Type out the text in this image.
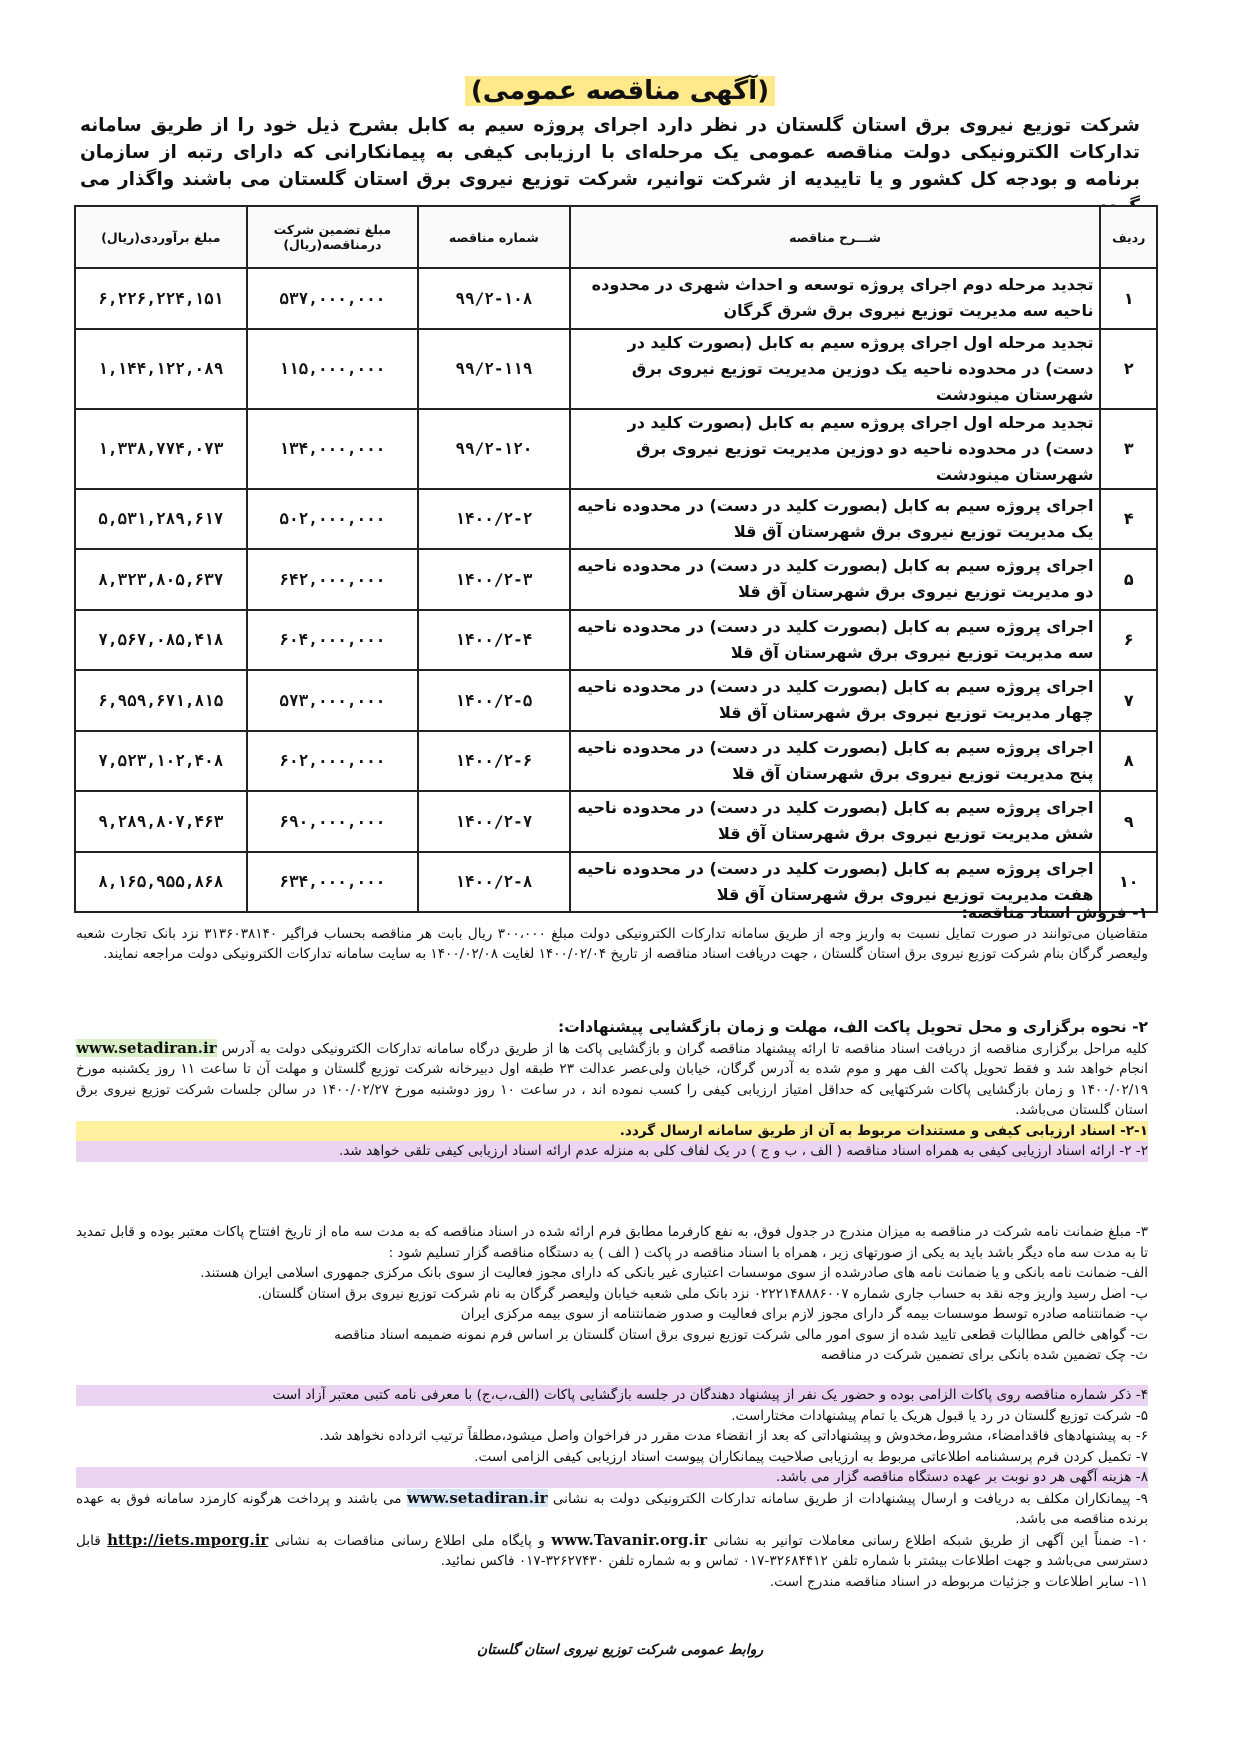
(آگهی مناقصه عمومی)
شرکت توزیع نیروی برق استان گلستان در نظر دارد اجرای پروژه سیم به کابل بشرح ذیل خود را از طریق سامانه تدارکات الکترونیکی دولت مناقصه عمومی یک مرحله‌ای با ارزیابی کیفی به پیمانکارانی که دارای رتبه از سازمان برنامه و بودجه کل کشور و یا تاییدیه از شرکت توانیر، شرکت توزیع نیروی برق استان گلستان می باشند واگذار می
ردیف	شـــرح مناقصه	شماره مناقصه	مبلغ تضمین شرکت درمناقصه(ریال)	مبلغ برآوردی(ریال)
۱	تجدید مرحله دوم اجرای پروژه توسعه و احداث شهری در محدوده ناحیه سه مدیریت توزیع نیروی برق شرق گرگان	۹۹/۲-۱۰۸	۵۳۷,۰۰۰,۰۰۰	۶,۲۲۶,۲۲۴,۱۵۱
۲	تجدید مرحله اول اجرای پروژه سیم به کابل (بصورت کلید در دست) در محدوده ناحیه یک دوزین مدیریت توزیع نیروی برق شهرستان مینودشت	۹۹/۲-۱۱۹	۱۱۵,۰۰۰,۰۰۰	۱,۱۴۴,۱۲۲,۰۸۹
۳	تجدید مرحله اول اجرای پروژه سیم به کابل (بصورت کلید در دست) در محدوده ناحیه دو دوزین مدیریت توزیع نیروی برق شهرستان مینودشت	۹۹/۲-۱۲۰	۱۳۴,۰۰۰,۰۰۰	۱,۳۳۸,۷۷۴,۰۷۳
۴	اجرای پروژه سیم به کابل (بصورت کلید در دست) در محدوده ناحیه یک مدیریت توزیع نیروی برق شهرستان آق قلا	۱۴۰۰/۲-۲	۵۰۲,۰۰۰,۰۰۰	۵,۵۳۱,۲۸۹,۶۱۷
۵	اجرای پروژه سیم به کابل (بصورت کلید در دست) در محدوده ناحیه دو مدیریت توزیع نیروی برق شهرستان آق قلا	۱۴۰۰/۲-۳	۶۴۲,۰۰۰,۰۰۰	۸,۳۲۳,۸۰۵,۶۳۷
۶	اجرای پروژه سیم به کابل (بصورت کلید در دست) در محدوده ناحیه سه مدیریت توزیع نیروی برق شهرستان آق قلا	۱۴۰۰/۲-۴	۶۰۴,۰۰۰,۰۰۰	۷,۵۶۷,۰۸۵,۴۱۸
۷	اجرای پروژه سیم به کابل (بصورت کلید در دست) در محدوده ناحیه چهار مدیریت توزیع نیروی برق شهرستان آق قلا	۱۴۰۰/۲-۵	۵۷۳,۰۰۰,۰۰۰	۶,۹۵۹,۶۷۱,۸۱۵
۸	اجرای پروژه سیم به کابل (بصورت کلید در دست) در محدوده ناحیه پنج مدیریت توزیع نیروی برق شهرستان آق قلا	۱۴۰۰/۲-۶	۶۰۲,۰۰۰,۰۰۰	۷,۵۲۳,۱۰۲,۴۰۸
۹	اجرای پروژه سیم به کابل (بصورت کلید در دست) در محدوده ناحیه شش مدیریت توزیع نیروی برق شهرستان آق قلا	۱۴۰۰/۲-۷	۶۹۰,۰۰۰,۰۰۰	۹,۲۸۹,۸۰۷,۴۶۳
۱۰	اجرای پروژه سیم به کابل (بصورت کلید در دست) در محدوده ناحیه هفت مدیریت توزیع نیروی برق شهرستان آق قلا	۱۴۰۰/۲-۸	۶۳۴,۰۰۰,۰۰۰	۸,۱۶۵,۹۵۵,۸۶۸

۱- فروش اسناد مناقصه:

متقاضیان می‌توانند در صورت تمایل نسبت به واریز وجه از طریق سامانه تدارکات الکترونیکی دولت مبلغ ۳۰۰،۰۰۰ ریال بابت هر مناقصه بحساب فراگیر ۳۱۳۶۰۳۸۱۴۰ نزد بانک تجارت شعبه ولیعصر گرگان بنام شرکت توزیع نیروی برق استان گلستان ، جهت دریافت اسناد مناقصه از تاریخ ۱۴۰۰/۰۲/۰۴ لغایت ۱۴۰۰/۰۲/۰۸ به سایت سامانه تدارکات الکترونیکی دولت مراجعه نمایند.

۲- نحوه برگزاری و محل تحویل پاکت الف، مهلت و زمان بازگشایی پیشنهادات:

کلیه مراحل برگزاری مناقصه از دریافت اسناد مناقصه تا ارائه پیشنهاد مناقصه گران و بازگشایی پاکت ها از طریق درگاه سامانه تدارکات الکترونیکی دولت به آدرس www.setadiran.ir انجام خواهد شد و فقط تحویل پاکت الف مهر و موم شده به آدرس گرگان، خیابان ولی‌عصر عدالت ۲۳ طبقه اول دبیرخانه شرکت توزیع گلستان و مهلت آن تا ساعت ۱۱ روز یکشنبه مورخ ۱۴۰۰/۰۲/۱۹ و زمان بازگشایی پاکات شرکتهایی که حداقل امتیاز ارزیابی کیفی را کسب نموده اند ، در ساعت ۱۰ روز دوشنبه مورخ ۱۴۰۰/۰۲/۲۷ در سالن جلسات شرکت توزیع نیروی برق استان گلستان می‌باشد.

۲-۱- اسناد ارزیابی کیفی و مستندات مربوط به آن از طریق سامانه ارسال گردد.

۲- ۲- ارائه اسناد ارزیابی کیفی به همراه اسناد مناقصه ( الف ، ب و ج ) در یک لفاف کلی به منزله عدم ارائه اسناد ارزیابی کیفی تلقی خواهد شد.

۳- مبلغ ضمانت نامه شرکت در مناقصه به میزان مندرج در جدول فوق، به نفع کارفرما مطابق فرم ارائه شده در اسناد مناقصه که به مدت سه ماه از تاریخ افتتاح پاکات معتبر بوده و قابل تمدید تا به مدت سه ماه دیگر باشد باید به یکی از صورتهای زیر ، همراه با اسناد مناقصه در پاکت ( الف ) به دستگاه مناقصه گزار تسلیم شود :

الف- ضمانت نامه بانکی و یا ضمانت نامه های صادرشده از سوی موسسات اعتباری غیر بانکی که دارای مجوز فعالیت از سوی بانک مرکزی جمهوری اسلامی ایران هستند.

ب- اصل رسید واریز وجه نقد به حساب جاری شماره ۰۲۲۲۱۴۸۸۸۶۰۰۷ نزد بانک ملی شعبه خیابان ولیعصر گرگان به نام شرکت توزیع نیروی برق استان گلستان.

پ- ضمانتنامه صادره توسط موسسات بیمه گر دارای مجوز لازم برای فعالیت و صدور ضمانتنامه از سوی بیمه مرکزی ایران

ت- گواهی خالص مطالبات قطعی تایید شده از سوی امور مالی شرکت توزیع نیروی برق استان گلستان بر اساس فرم نمونه ضمیمه اسناد مناقصه

ث- چک تضمین شده بانکی برای تضمین شرکت در مناقصه

۴- ذکر شماره مناقصه روی پاکات الزامی بوده و حضور یک نفر از پیشنهاد دهندگان در جلسه بازگشایی پاکات (الف،ب،ج) با معرفی نامه کتبی معتبر آزاد است

۵- شرکت توزیع گلستان در رد یا قبول هریک یا تمام پیشنهادات مختاراست.

۶- به پیشنهادهای فاقدامضاء، مشروط،مخدوش و پیشنهاداتی که بعد از انقضاء مدت مقرر در فراخوان واصل میشود،مطلقاً ترتیب اثرداده نخواهد شد.

۷- تکمیل کردن فرم پرسشنامه اطلاعاتی مربوط به ارزیابی صلاحیت پیمانکاران پیوست اسناد ارزیابی کیفی الزامی است.

۸- هزینه آگهی هر دو نوبت بر عهده دستگاه مناقصه گزار می باشد.

۹- پیمانکاران مکلف به دریافت و ارسال پیشنهادات از طریق سامانه تدارکات الکترونیکی دولت به نشانی www.setadiran.ir می باشند و پرداخت هرگونه کارمزد سامانه فوق به عهده برنده مناقصه می باشد.

۱۰- ضمناً این آگهی از طریق شبکه اطلاع رسانی معاملات توانیر به نشانی www.Tavanir.org.ir و پایگاه ملی اطلاع رسانی مناقصات به نشانی http://iets.mporg.ir قابل دسترسی می‌باشد و جهت اطلاعات بیشتر با شماره تلفن ۳۲۶۸۴۴۱۲-۰۱۷ تماس و به شماره تلفن ۳۲۶۲۷۴۳۰-۰۱۷ فاکس نمائید.

۱۱- سایر اطلاعات و جزئیات مربوطه در اسناد مناقصه مندرج است.

روابط عمومی شرکت توزیع نیروی استان گلستان
